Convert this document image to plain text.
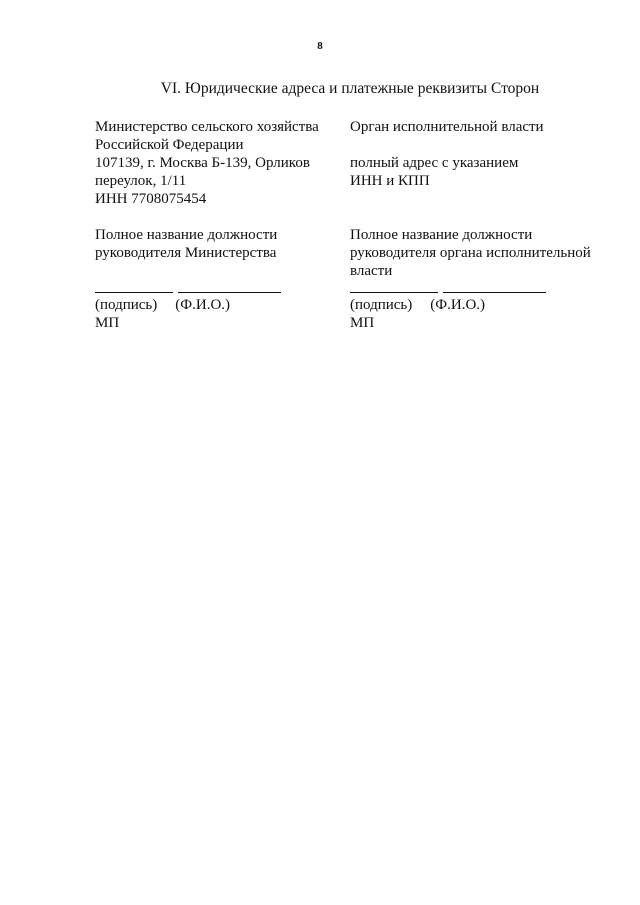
8
VI. Юридические адреса и платежные реквизиты Сторон
Министерство сельского хозяйства
Российской Федерации
107139, г. Москва Б-139, Орликов
переулок, 1/11
ИНН 7708075454
Полное название должности
руководителя Министерства
(подпись) (Ф.И.О.)
МП
Орган исполнительной власти
полный адрес с указанием
ИНН и КПП
Полное название должности
руководителя органа исполнительной
власти
(подпись) (Ф.И.О.)
МП
